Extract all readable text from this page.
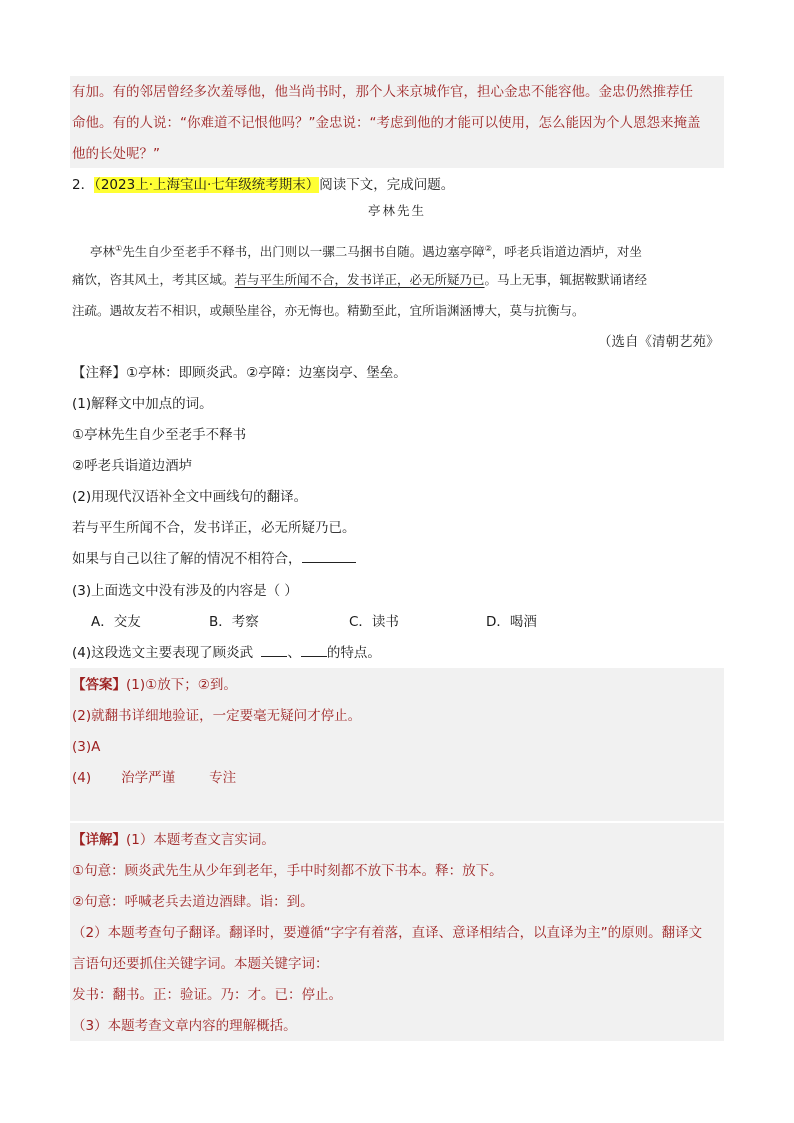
有加。有的邻居曾经多次羞辱他，他当尚书时，那个人来京城作官，担心金忠不能容他。金忠仍然推荐任
命他。有的人说：“你难道不记恨他吗？”金忠说：“考虑到他的才能可以使用，怎么能因为个人恩怨来掩盖
他的长处呢？”
2．（2023上·上海宝山·七年级统考期末）阅读下文，完成问题。
亭林先生
亭林①先生自少至老手不释书，出门则以一骡二马捆书自随。遇边塞亭障②，呼老兵诣道边酒垆，对坐
痛饮，咨其风土，考其区域。若与平生所闻不合，发书详正，必无所疑乃已。马上无事，辄据鞍默诵诸经
注疏。遇故友若不相识，或颠坠崖谷，亦无悔也。精勤至此，宜所诣渊涵博大，莫与抗衡与。
（选自《清朝艺苑》
【注释】①亭林：即顾炎武。②亭障：边塞岗亭、堡垒。
(1)解释文中加点的词。
①亭林先生自少至老手不释书
②呼老兵诣道边酒垆
(2)用现代汉语补全文中画线句的翻译。
若与平生所闻不合，发书详正，必无所疑乃已。
如果与自己以往了解的情况不相符合，
(3)上面选文中没有涉及的内容是（ ）
A．交友	B．考察	C．读书	D．喝酒
(4)这段选文主要表现了顾炎武	、 的特点。
【答案】(1)①放下；②到。
(2)就翻书详细地验证，一定要毫无疑问才停止。
(3)A
(4) 治学严谨	专注
【详解】(1）本题考查文言实词。
①句意：顾炎武先生从少年到老年，手中时刻都不放下书本。释：放下。
②句意：呼喊老兵去道边酒肆。诣：到。
（2）本题考查句子翻译。翻译时，要遵循“字字有着落，直译、意译相结合，以直译为主”的原则。翻译文
言语句还要抓住关键字词。本题关键字词：
发书：翻书。正：验证。乃：才。已：停止。
（3）本题考查文章内容的理解概括。
